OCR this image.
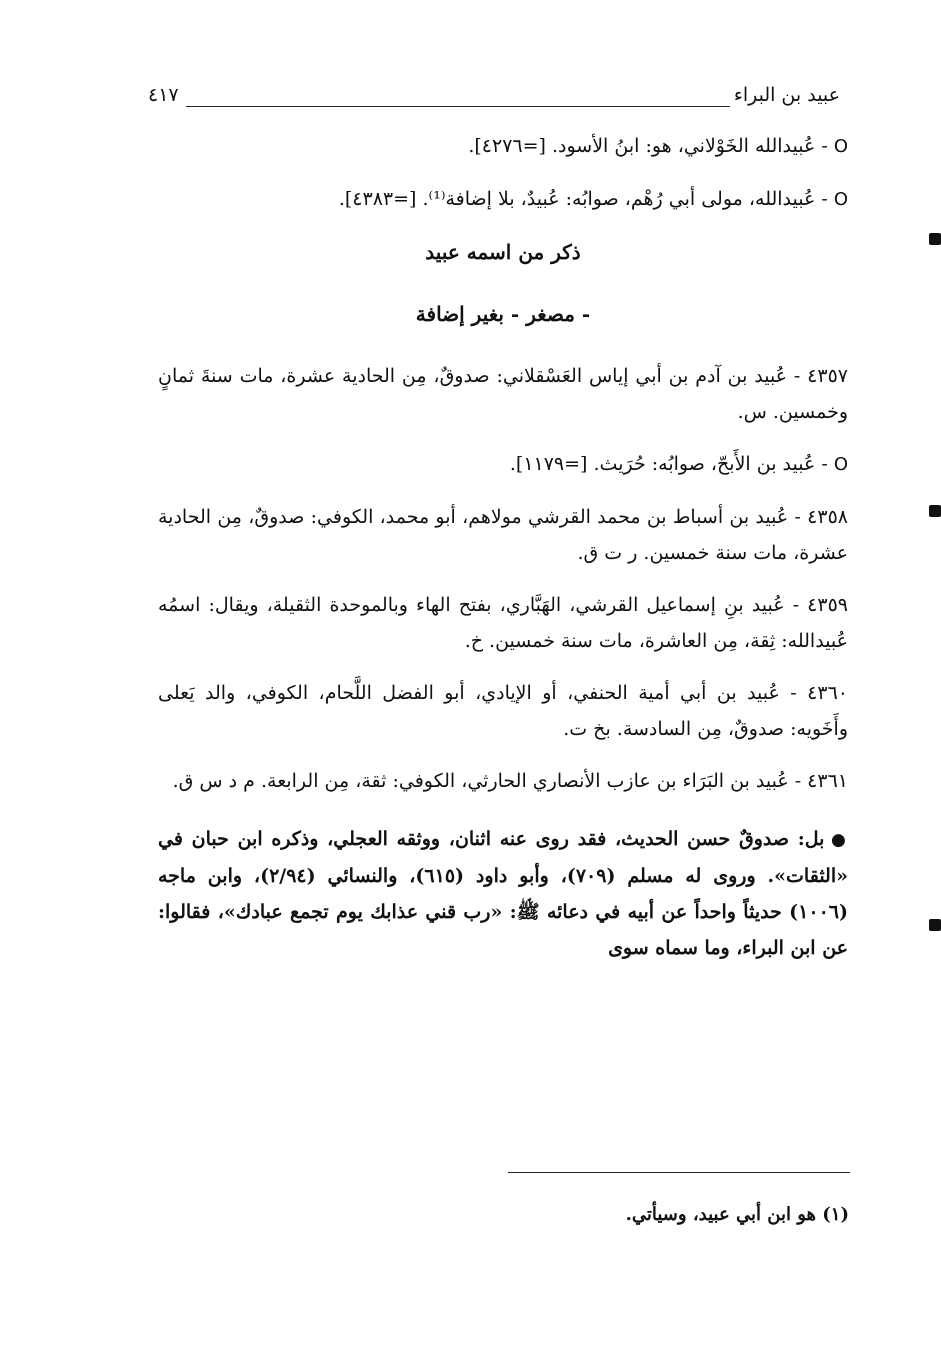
عبيد بن البراء
٤١٧

O - عُبيدالله الخَوْلاني، هو: ابنُ الأسود. [=٤٢٧٦].

O - عُبيدالله، مولى أبي رُهْم، صوابُه: عُبيدٌ، بلا إضافة⁽¹⁾. [=٤٣٨٣].

ذكر من اسمه عبيد
- مصغر - بغير إضافة

٤٣٥٧ - عُبيد بن آدم بن أبي إياس العَسْقلاني: صدوقٌ، مِن الحادية عشرة، مات سنةَ ثمانٍ وخمسين. س.

O - عُبيد بن الأَبحّ، صوابُه: حُرَيث. [=١١٧٩].

٤٣٥٨ - عُبيد بن أسباط بن محمد القرشي مولاهم، أبو محمد، الكوفي: صدوقٌ، مِن الحادية عشرة، مات سنة خمسين. ر ت ق.

٤٣٥٩ - عُبيد بنِ إسماعيل القرشي، الهَبَّاري، بفتح الهاء وبالموحدة الثقيلة، ويقال: اسمُه عُبيدالله: ثِقة، مِن العاشرة، مات سنة خمسين. خ.

٤٣٦٠ - عُبيد بن أبي أمية الحنفي، أو الإيادي، أبو الفضل اللَّحام، الكوفي، والد يَعلى وأَخَويه: صدوقٌ، مِن السادسة. بخ ت.

٤٣٦١ - عُبيد بن البَرَاء بن عازب الأنصاري الحارثي، الكوفي: ثقة، مِن الرابعة. م د س ق.

● بل: صدوقٌ حسن الحديث، فقد روى عنه اثنان، ووثقه العجلي، وذكره ابن حبان في «الثقات». وروى له مسلم (٧٠٩)، وأبو داود (٦١٥)، والنسائي (٢/٩٤)، وابن ماجه (١٠٠٦) حديثاً واحداً عن أبيه في دعائه ﷺ: «رب قني عذابك يوم تجمع عبادك»، فقالوا: عن ابن البراء، وما سماه سوى

(١) هو ابن أبي عبيد، وسيأتي.
